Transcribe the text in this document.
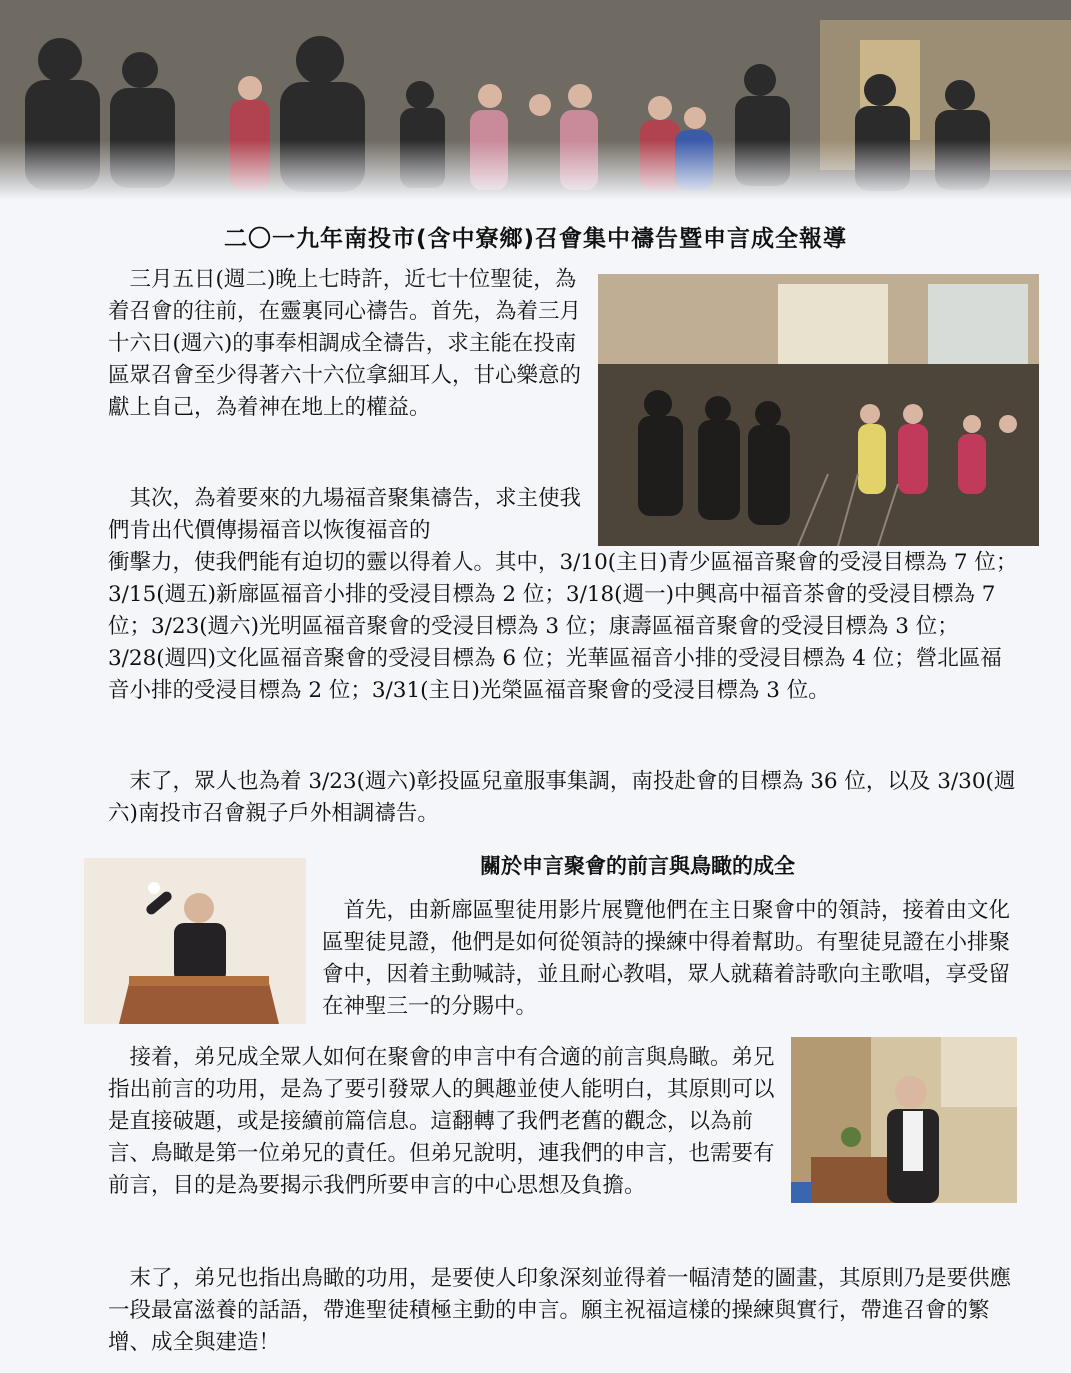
二〇一九年南投市(含中寮鄉)召會集中禱告暨申言成全報導

　三月五日(週二)晚上七時許，近七十位聖徒，為着召會的往前，在靈裏同心禱告。首先，為着三月十六日(週六)的事奉相調成全禱告，求主能在投南區眾召會至少得著六十六位拿細耳人，甘心樂意的獻上自己，為着神在地上的權益。

　其次，為着要來的九場福音聚集禱告，求主使我們肯出代價傳揚福音以恢復福音的

衝擊力，使我們能有迫切的靈以得着人。其中，3/10(主日)青少區福音聚會的受浸目標為 7 位；3/15(週五)新廍區福音小排的受浸目標為 2 位；3/18(週一)中興高中福音茶會的受浸目標為 7 位；3/23(週六)光明區福音聚會的受浸目標為 3 位；康壽區福音聚會的受浸目標為 3 位；3/28(週四)文化區福音聚會的受浸目標為 6 位；光華區福音小排的受浸目標為 4 位；營北區福音小排的受浸目標為 2 位；3/31(主日)光榮區福音聚會的受浸目標為 3 位。

　末了，眾人也為着 3/23(週六)彰投區兒童服事集調，南投赴會的目標為 36 位，以及 3/30(週六)南投市召會親子戶外相調禱告。

關於申言聚會的前言與鳥瞰的成全

　首先，由新廍區聖徒用影片展覽他們在主日聚會中的領詩，接着由文化區聖徒見證，他們是如何從領詩的操練中得着幫助。有聖徒見證在小排聚會中，因着主動喊詩，並且耐心教唱，眾人就藉着詩歌向主歌唱，享受留在神聖三一的分賜中。

　接着，弟兄成全眾人如何在聚會的申言中有合適的前言與鳥瞰。弟兄指出前言的功用，是為了要引發眾人的興趣並使人能明白，其原則可以是直接破題，或是接續前篇信息。這翻轉了我們老舊的觀念，以為前言、鳥瞰是第一位弟兄的責任。但弟兄說明，連我們的申言，也需要有前言，目的是為要揭示我們所要申言的中心思想及負擔。

　末了，弟兄也指出鳥瞰的功用，是要使人印象深刻並得着一幅清楚的圖畫，其原則乃是要供應一段最富滋養的話語，帶進聖徒積極主動的申言。願主祝福這樣的操練與實行，帶進召會的繁增、成全與建造！
